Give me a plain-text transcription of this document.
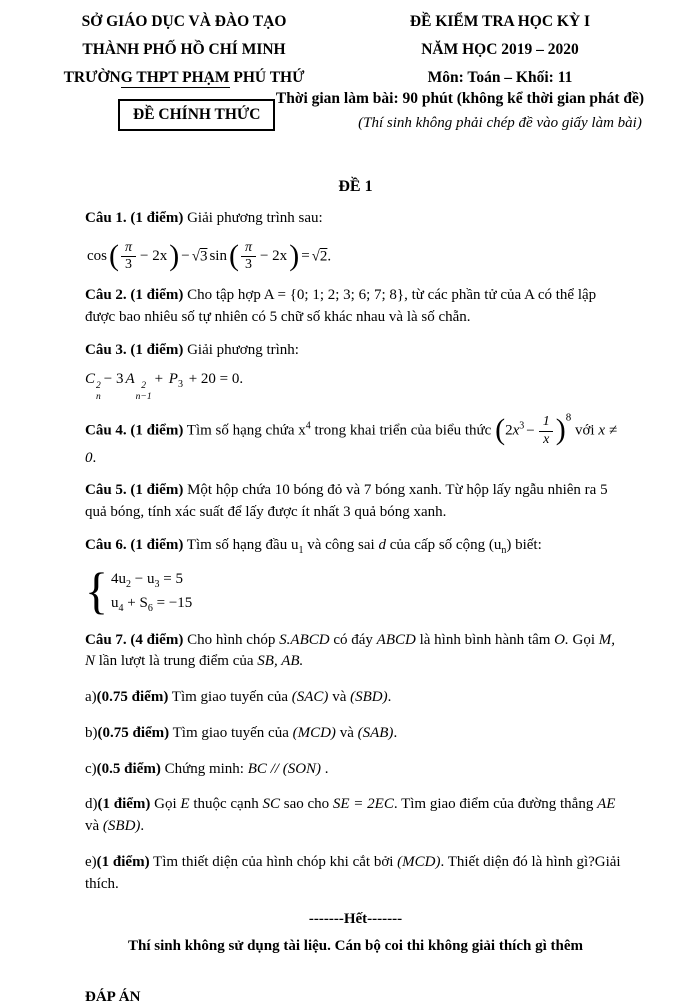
SỞ GIÁO DỤC VÀ ĐÀO TẠO
THÀNH PHỐ HỒ CHÍ MINH
TRƯỜNG THPT PHẠM PHÚ THỨ
ĐỀ KIỂM TRA HỌC KỲ I
NĂM HỌC 2019 – 2020
Môn: Toán – Khối: 11
Thời gian làm bài: 90 phút (không kể thời gian phát đề)
(Thí sinh không phải chép đề vào giấy làm bài)
ĐỀ CHÍNH THỨC
ĐỀ 1

Câu 1. (1 điểm) Giải phương trình sau:

$\cos( \frac{\pi}{3} - 2x) - √3$ $\sin( \frac{\pi}{3} - 2x) = √2$.

Câu 2. (1 điểm) Cho tập hợp A = {0; 1; 2; 3; 6; 7; 8}, từ các phần tử của A có thể lập được bao nhiêu số tự nhiên có 5 chữ số khác nhau và là số chẵn.

Câu 3. (1 điểm) Giải phương trình:

C 2
n
− 3 A 2
n−1
+ $P_3 + 20 = 0$.

Câu 4. (1 điểm) Tìm số hạng chứa $x^4$ trong khai triển của biểu thức $(2x^3 - \frac{1}{x} )^8$ với x ≠ 0.

Câu 5. (1 điểm) Một hộp chứa 10 bóng đỏ và 7 bóng xanh. Từ hộp lấy ngẫu nhiên ra 5 quả bóng, tính xác suất để lấy được ít nhất 3 quả bóng xanh.

Câu 6. (1 điểm) Tìm số hạng đầu $u_1$ và công sai d của cấp số cộng $(u_n)$ biết:

{ $4u_2 - u_3 = 5$
$u_4 + S_6 = -15$

Câu 7. (4 điểm) Cho hình chóp S.ABCD có đáy ABCD là hình bình hành tâm O. Gọi M, N lần lượt là trung điểm của SB, AB.

a)(0.75 điểm) Tìm giao tuyến của (SAC) và (SBD).

b)(0.75 điểm) Tìm giao tuyến của (MCD) và (SAB).

c)(0.5 điểm) Chứng minh: BC // (SON) .

d)(1 điểm) Gọi E thuộc cạnh SC sao cho SE = 2EC. Tìm giao điểm của đường thẳng AE và (SBD).

e)(1 điểm) Tìm thiết diện của hình chóp khi cắt bởi (MCD). Thiết diện đó là hình gì?Giải thích.

-------Hết-------
Thí sinh không sử dụng tài liệu. Cán bộ coi thi không giải thích gì thêm
ĐÁP ÁN
